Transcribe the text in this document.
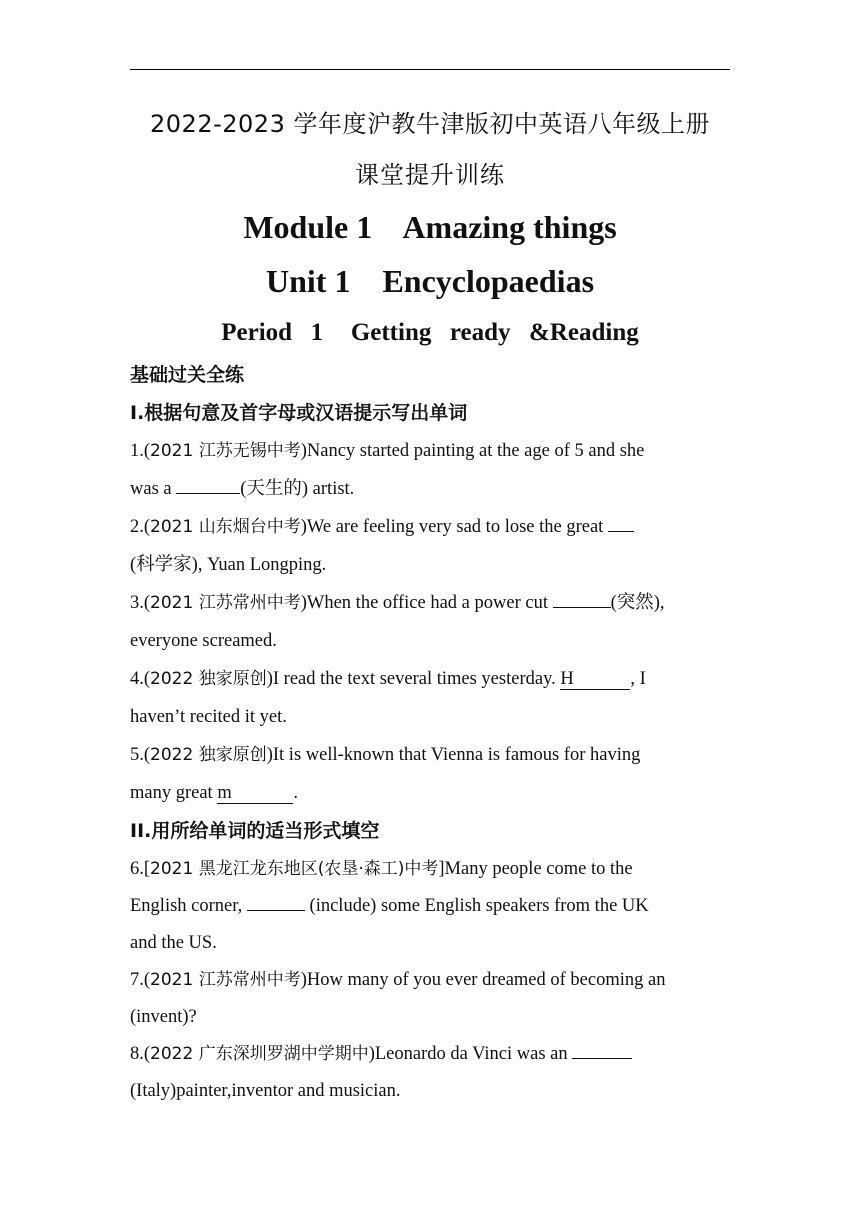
2022-2023 学年度沪教牛津版初中英语八年级上册
课堂提升训练
Module 1    Amazing things
Unit 1    Encyclopaedias
Period  1   Getting  ready  &Reading
基础过关全练
I.根据句意及首字母或汉语提示写出单词
1.(2021 江苏无锡中考)Nancy started painting at the age of 5 and she
was a	(天生的) artist.
2.(2021 山东烟台中考)We are feeling very sad to lose the great
(科学家), Yuan Longping.
3.(2021 江苏常州中考)When the office had a power cut	(突然),
everyone screamed.
4.(2022 独家原创)I read the text several times yesterday. H	, I
haven’t recited it yet.
5.(2022 独家原创)It is well-known that Vienna is famous for having
many great m	.
II.用所给单词的适当形式填空
6.[2021 黑龙江龙东地区(农垦·森工)中考]Many people come to the
English corner,	(include) some English speakers from the UK
and the US.
7.(2021 江苏常州中考)How many of you ever dreamed of becoming an
(invent)?
8.(2022 广东深圳罗湖中学期中)Leonardo da Vinci was an
(Italy)painter,inventor and musician.
